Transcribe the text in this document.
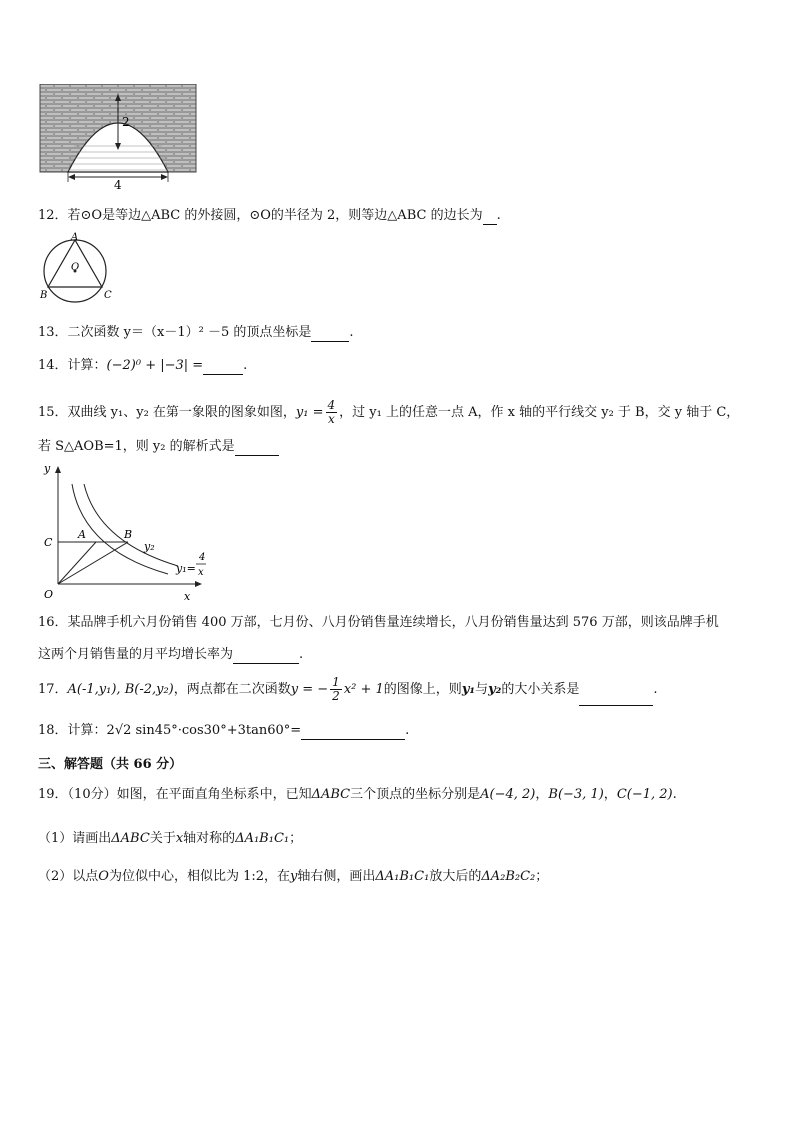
2
4
12．若⊙O是等边△ABC 的外接圆，⊙O的半径为 2，则等边△ABC 的边长为 .
A
O
B	C
13．二次函数 y＝（x－1）² －5 的顶点坐标是	.
14．计算：(−2)⁰ + |−3| =	.
15．双曲线 y₁、y₂ 在第一象限的图象如图，$y_1 = \frac{4}{x}$ ，过 y₁ 上的任意一点 A，作 x 轴的平行线交 y₂ 于 B，交 y 轴于 C，
若 S△AOB=1，则 y₂ 的解析式是
y
x
O
C
A	B
y₂
y₁=
4
x
16．某品牌手机六月份销售 400 万部，七月份、八月份销售量连续增长，八月份销售量达到 576 万部，则该品牌手机
这两个月销售量的月平均增长率为	.
17．A(-1,y₁), B(-2,y₂)，两点都在二次函数y = − $\frac{1}{2} x^2 + 1$的图像上，则y₁与y₂的大小关系是	.
18．计算：2√2 sin45°·cos30°+3tan60°=	.
三、解答题（共 66 分）
19．（10分）如图，在平面直角坐标系中，已知ΔABC三个顶点的坐标分别是A(−4, 2)，B(−3, 1)，C(−1, 2).
（1）请画出ΔABC关于x轴对称的ΔA₁B₁C₁；
（2）以点O为位似中心，相似比为 1:2，在y轴右侧，画出ΔA₁B₁C₁放大后的ΔA₂B₂C₂；
